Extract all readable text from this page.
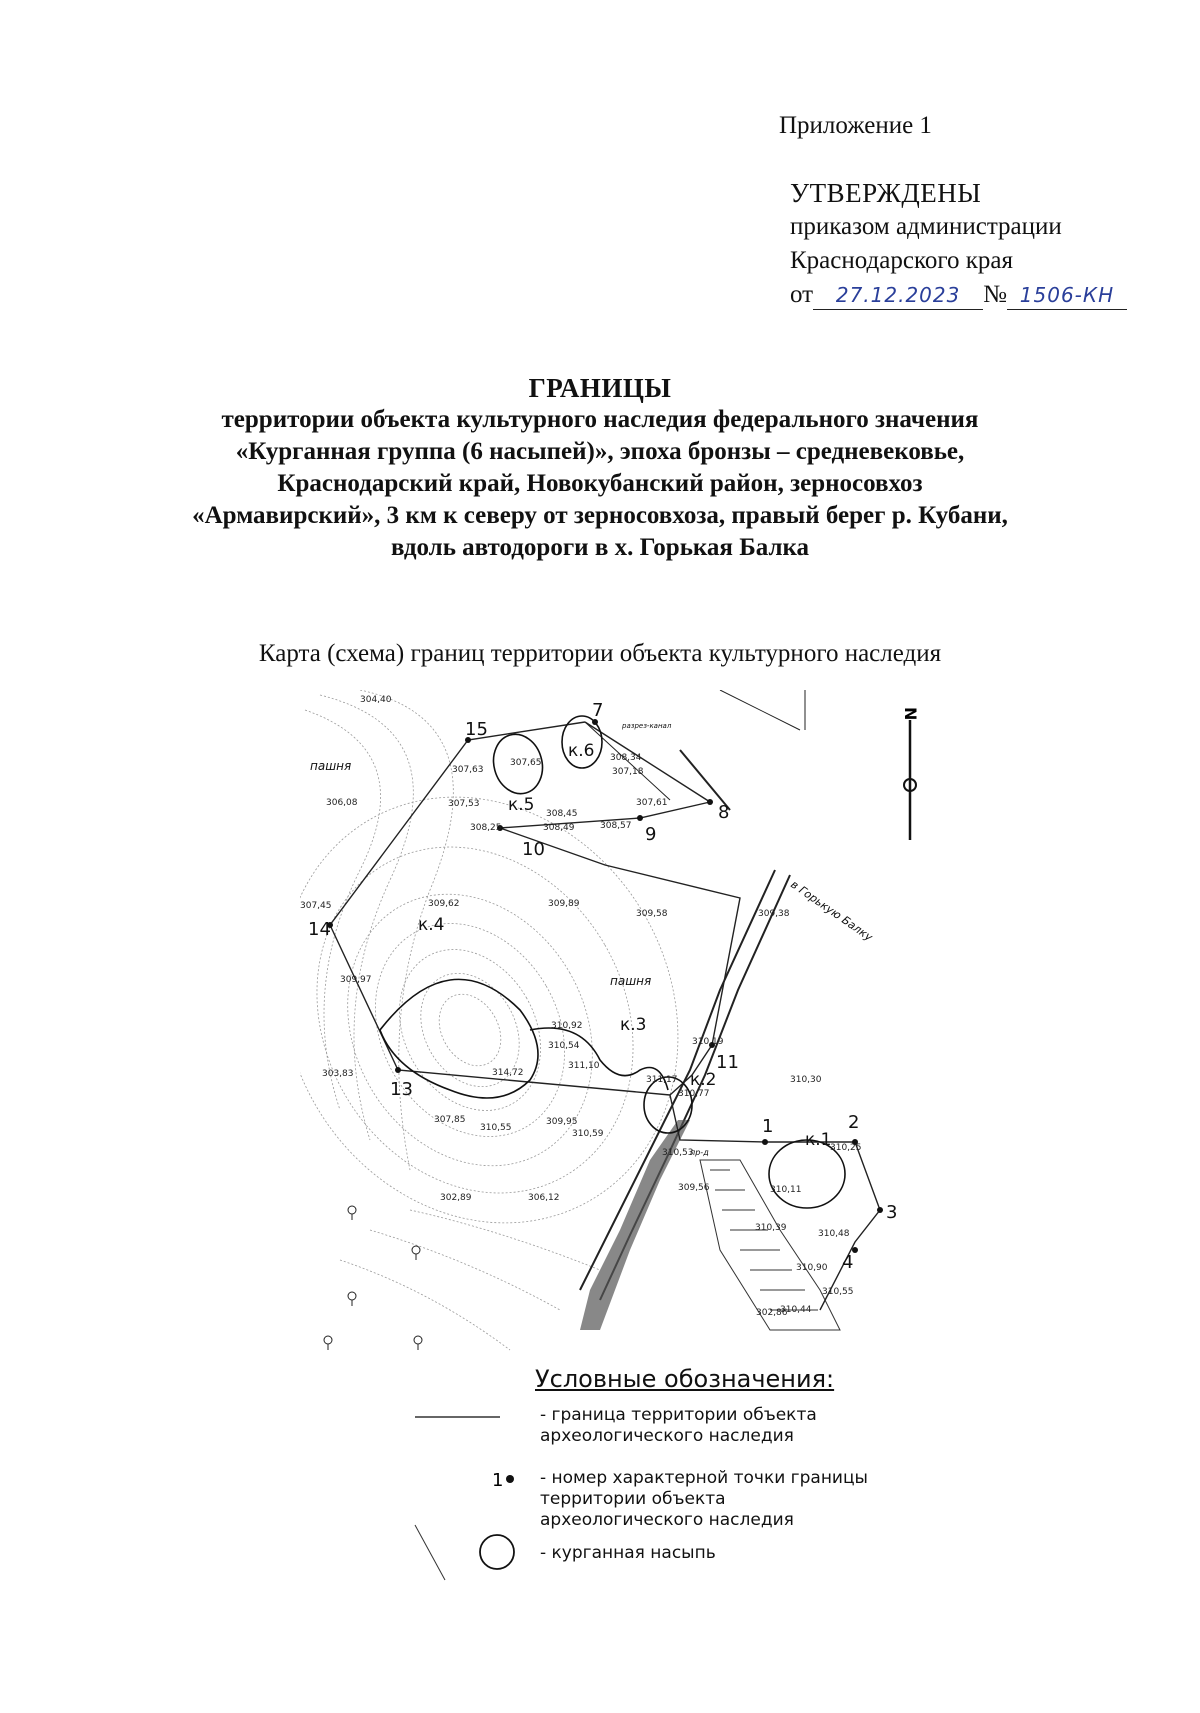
Приложение 1
УТВЕРЖДЕНЫ
приказом администрации
Краснодарского края
от 27.12.2023 № 1506-КН
ГРАНИЦЫ
территории объекта культурного наследия федерального значения
«Курганная группа (6 насыпей)», эпоха бронзы – средневековье,
Краснодарский край, Новокубанский район, зерносовхоз
«Армавирский», 3 км к северу от зерносовхоза, правый берег р. Кубани,
вдоль автодороги в х. Горькая Балка
Карта (схема) границ территории объекта культурного наследия
15
7
8
9
10
11
13
14
1	2
3
4
к.6
к.5
к.4
к.3
к.2
к.1
пашня
пашня
в Горькую Балку
разрез-канал
пр-д
304,40
306,08
307,45
307,53
307,63
307,65	308,34
307,18
307,61
308,25
308,45
308,49	308,57
309,62	309,89
309,58	309,38
309,97
310,92
310,54	310,19
311,10
314,72
311,17
310,77
310,30
303,83
307,85
310,55
309,95
310,59
310,53	310,25
309,56	310,11
302,89	306,12
310,39
310,48
310,90
310,55
310,44
302,86
N
Условные обозначения:
1
- граница территории объекта
археологического наследия
- номер характерной точки границы
территории объекта
археологического наследия
- курганная насыпь
